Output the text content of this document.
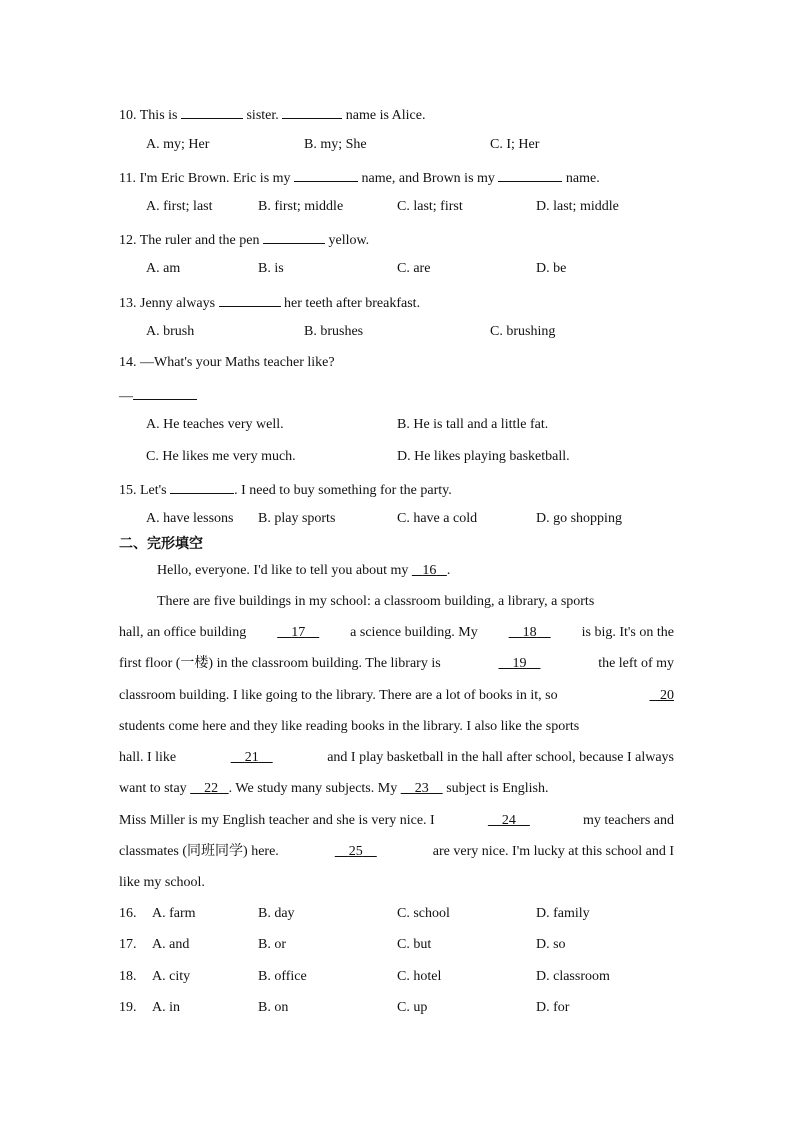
10. This is	sister.	name is Alice.
A. my; Her	B. my; She	C. I; Her
11. I'm Eric Brown. Eric is my	name, and Brown is my	name.
A. first; last	B. first; middle	C. last; first	D. last; middle
12. The ruler and the pen	yellow.
A. am	B. is	C. are	D. be
13. Jenny always	her teeth after breakfast.
A. brush	B. brushes	C. brushing
14. —What's your Maths teacher like?
—
A. He teaches very well.	B. He is tall and a little fat.
C. He likes me very much.	D. He likes playing basketball.
15. Let's	. I need to buy something for the party.
A. have lessons B. play sports	C. have a cold	D. go shopping
二、完形填空
Hello, everyone. I'd like to tell you about my    16 .
There are five buildings in my school: a classroom building, a library, a sports
hall, an office building	17	a science building. My	18	is big. It's on the
first floor (一楼) in the classroom building. The library is	19	the left of my
classroom building. I like going to the library. There are a lot of books in it, so	20
students come here and they like reading books in the library. I also like the sports
hall. I like	21	and I play basketball in the hall after school, because I always
want to stay     22 . We study many subjects. My     23     subject is English.
Miss Miller is my English teacher and she is very nice. I	24	my teachers and
classmates (同班同学) here.	25	are very nice. I'm lucky at this school and I
like my school.
16. A. farm	B. day	C. school	D. family
17. A. and	B. or	C. but	D. so
18. A. city	B. office	C. hotel	D. classroom
19. A. in	B. on	C. up	D. for
